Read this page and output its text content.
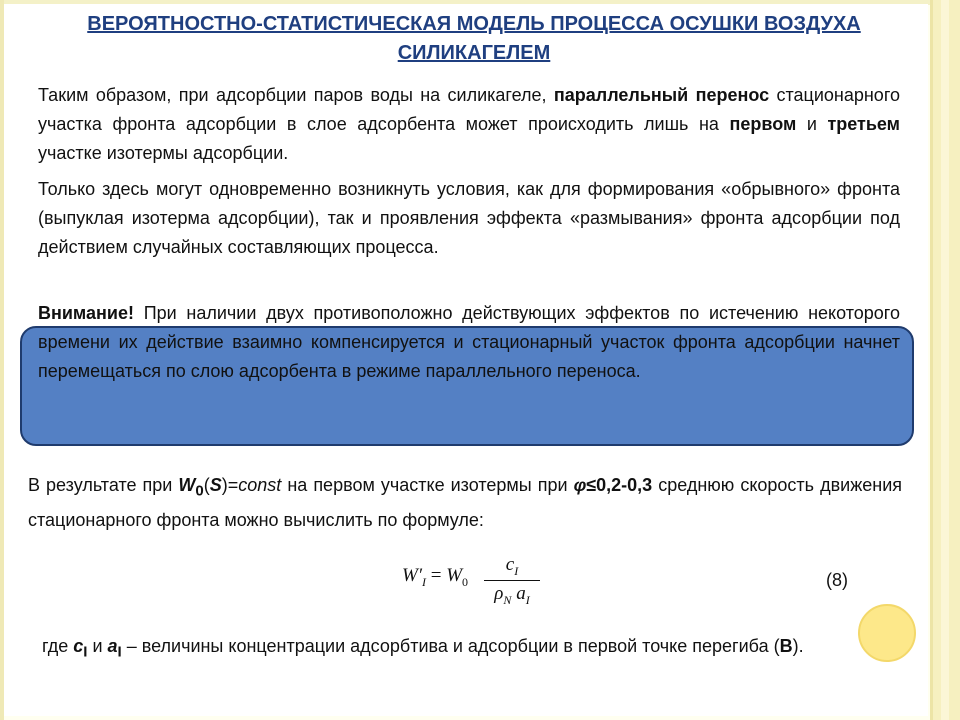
ВЕРОЯТНОСТНО-СТАТИСТИЧЕСКАЯ МОДЕЛЬ ПРОЦЕССА ОСУШКИ ВОЗДУХА
СИЛИКАГЕЛЕМ
Таким образом, при адсорбции паров воды на силикагеле, параллельный перенос стационарного участка фронта адсорбции в слое адсорбента может происходить лишь на первом и третьем участке изотермы адсорбции.
Только здесь могут одновременно возникнуть условия, как для формирования «обрывного» фронта (выпуклая изотерма адсорбции), так и проявления эффекта «размывания» фронта адсорбции под действием случайных составляющих процесса.
Внимание! При наличии двух противоположно действующих эффектов по истечению некоторого времени их действие взаимно компенсируется и стационарный участок фронта адсорбции начнет перемещаться по слою адсорбента в режиме параллельного переноса.
В результате при $W_0(S)=const$ на первом участке изотермы при φ≤0,2-0,3 среднюю скорость движения стационарного фронта можно вычислить по формуле:
$W'_I = W_0$
$c_I$
$\rho_N$ $a_I$
(8)
где $c_I$ и $a_I$ – величины концентрации адсорбтива и адсорбции в первой точке перегиба (В).
